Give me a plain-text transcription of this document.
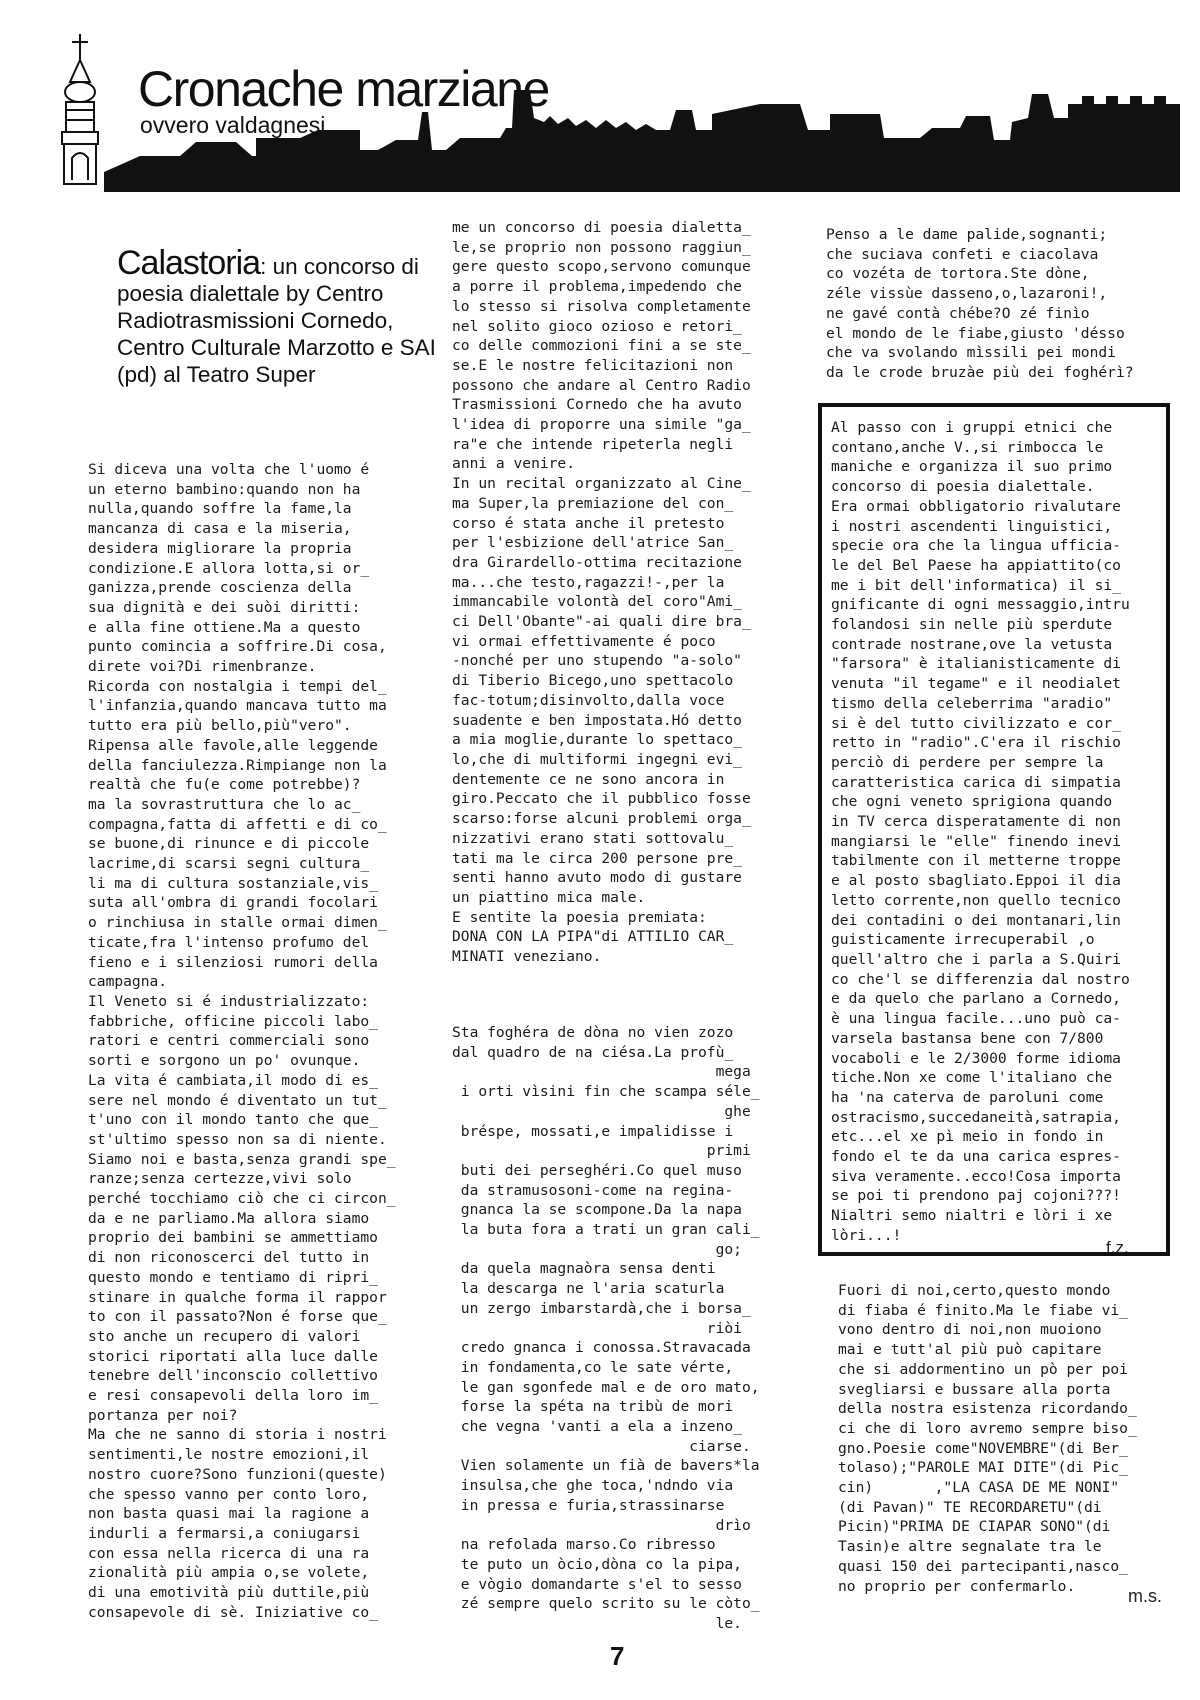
Cronache marziane
ovvero valdagnesi
Calastoria: un concorso di poesia dialettale by Centro Radiotrasmissioni Cornedo, Centro Culturale Marzotto e SAI (pd) al Teatro Super
Si diceva una volta che l'uomo é
un eterno bambino:quando non ha
nulla,quando soffre la fame,la
mancanza di casa e la miseria,
desidera migliorare la propria
condizione.E allora lotta,si or_
ganizza,prende coscienza della
sua dignità e dei suòi diritti:
e alla fine ottiene.Ma a questo
punto comincia a soffrire.Di cosa,
direte voi?Di rimenbranze.
Ricorda con nostalgia i tempi del_
l'infanzia,quando mancava tutto ma
tutto era più bello,più"vero".
Ripensa alle favole,alle leggende
della fanciulezza.Rimpiange non la
realtà che fu(e come potrebbe)?
ma la sovrastruttura che lo ac_
compagna,fatta di affetti e di co_
se buone,di rinunce e di piccole
lacrime,di scarsi segni cultura_
li ma di cultura sostanziale,vis_
suta all'ombra di grandi focolari
o rinchiusa in stalle ormai dimen_
ticate,fra l'intenso profumo del
fieno e i silenziosi rumori della
campagna.
Il Veneto si é industrializzato:
fabbriche, officine piccoli labo_
ratori e centri commerciali sono
sorti e sorgono un po' ovunque.
La vita é cambiata,il modo di es_
sere nel mondo é diventato un tut_
t'uno con il mondo tanto che que_
st'ultimo spesso non sa di niente.
Siamo noi e basta,senza grandi spe_
ranze;senza certezze,vivi solo
perché tocchiamo ciò che ci circon_
da e ne parliamo.Ma allora siamo
proprio dei bambini se ammettiamo
di non riconoscerci del tutto in
questo mondo e tentiamo di ripri_
stinare in qualche forma il rappor
to con il passato?Non é forse que_
sto anche un recupero di valori
storici riportati alla luce dalle
tenebre dell'inconscio collettivo
e resi consapevoli della loro im_
portanza per noi?
Ma che ne sanno di storia i nostri
sentimenti,le nostre emozioni,il
nostro cuore?Sono funzioni(queste)
che spesso vanno per conto loro,
non basta quasi mai la ragione a
indurli a fermarsi,a coniugarsi
con essa nella ricerca di una ra
zionalità più ampia o,se volete,
di una emotività più duttile,più
consapevole di sè. Iniziative co_
me un concorso di poesia dialetta_
le,se proprio non possono raggiun_
gere questo scopo,servono comunque
a porre il problema,impedendo che
lo stesso si risolva completamente
nel solito gioco ozioso e retori_
co delle commozioni fini a se ste_
se.E le nostre felicitazioni non
possono che andare al Centro Radio
Trasmissioni Cornedo che ha avuto
l'idea di proporre una simile "ga_
ra"e che intende ripeterla negli
anni a venire.
In un recital organizzato al Cine_
ma Super,la premiazione del con_
corso é stata anche il pretesto
per l'esbizione dell'atrice San_
dra Girardello-ottima recitazione
ma...che testo,ragazzi!-,per la
immancabile volontà del coro"Ami_
ci Dell'Obante"-ai quali dire bra_
vi ormai effettivamente é poco
-nonché per uno stupendo "a-solo"
di Tiberio Bicego,uno spettacolo
fac-totum;disinvolto,dalla voce
suadente e ben impostata.Hó detto
a mia moglie,durante lo spettaco_
lo,che di multiformi ingegni evi_
dentemente ce ne sono ancora in
giro.Peccato che il pubblico fosse
scarso:forse alcuni problemi orga_
nizzativi erano stati sottovalu_
tati ma le circa 200 persone pre_
senti hanno avuto modo di gustare
un piattino mica male.
E sentite la poesia premiata:
DONA CON LA PIPA"di ATTILIO CAR_
MINATI veneziano.
Sta foghéra de dòna no vien zozo
dal quadro de na ciésa.La profù_
mega
i orti vìsini fin che scampa séle_
ghe
bréspe, mossati,e impalidisse i
primi
buti dei perseghéri.Co quel muso
da stramusosoni-come na regina-
gnanca la se scompone.Da la napa
la buta fora a trati un gran cali_
go;
da quela magnaòra sensa denti
la descarga ne l'aria scaturla
un zergo imbarstardà,che i borsa_
riòi
credo gnanca i conossa.Stravacada
in fondamenta,co le sate vérte,
le gan sgonfede mal e de oro mato,
forse la spéta na tribù de mori
che vegna 'vanti a ela a inzeno_
ciarse.
Vien solamente un fià de bavers*la
insulsa,che ghe toca,'ndndo via
in pressa e furia,strassinarse
drìo
na refolada marso.Co ribresso
te puto un òcio,dòna co la pipa,
e vògio domandarte s'el to sesso
zé sempre quelo scrito su le còto_
le.
Penso a le dame palide,sognanti;
che suciava confeti e ciacolava
co vozéta de tortora.Ste dòne,
zéle vissùe dasseno,o,lazaroni!,
ne gavé contà chébe?O zé finìo
el mondo de le fiabe,giusto 'désso
che va svolando mìssili pei mondi
da le crode bruzàe più dei foghérì?
Al passo con i gruppi etnici che
contano,anche V.,si rimbocca le
maniche e organizza il suo primo
concorso di poesia dialettale.
Era ormai obbligatorio rivalutare
i nostri ascendenti linguistici,
specie ora che la lingua ufficia-
le del Bel Paese ha appiattito(co
me i bit dell'informatica) il si_
gnificante di ogni messaggio,intru
folandosi sin nelle più sperdute
contrade nostrane,ove la vetusta
"farsora" è italianisticamente di
venuta "il tegame" e il neodialet
tismo della celeberrima "aradio"
si è del tutto civilizzato e cor_
retto in "radio".C'era il rischio
perciò di perdere per sempre la
caratteristica carica di simpatia
che ogni veneto sprigiona quando
in TV cerca disperatamente di non
mangiarsi le "elle" finendo inevi
tabilmente con il metterne troppe
e al posto sbagliato.Eppoi il dia
letto corrente,non quello tecnico
dei contadini o dei montanari,lin
guisticamente irrecuperabil ,o
quell'altro che i parla a S.Quiri
co che'l se differenzia dal nostro
e da quelo che parlano a Cornedo,
è una lingua facile...uno può ca-
varsela bastansa bene con 7/800
vocaboli e le 2/3000 forme idioma
tiche.Non xe come l'italiano che
ha 'na caterva de paroluni come
ostracismo,succedaneità,satrapia,
etc...el xe pì meio in fondo in
fondo el te da una carica espres-
siva veramente..ecco!Cosa importa
se poi ti prendono paj cojoni???!
Nialtri semo nialtri e lòri i xe
lòri...!
f.z.
Fuori di noi,certo,questo mondo
di fiaba é finito.Ma le fiabe vi_
vono dentro di noi,non muoiono
mai e tutt'al più può capitare
che si addormentino un pò per poi
svegliarsi e bussare alla porta
della nostra esistenza ricordando_
ci che di loro avremo sempre biso_
gno.Poesie come"NOVEMBRE"(di Ber_
tolaso);"PAROLE MAI DITE"(di Pic_
cin)       ,"LA CASA DE ME NONI"
(di Pavan)" TE RECORDARETU"(di
Picin)"PRIMA DE CIAPAR SONO"(di
Tasin)e altre segnalate tra le
quasi 150 dei partecipanti,nasco_
no proprio per confermarlo.	m.s.
7
